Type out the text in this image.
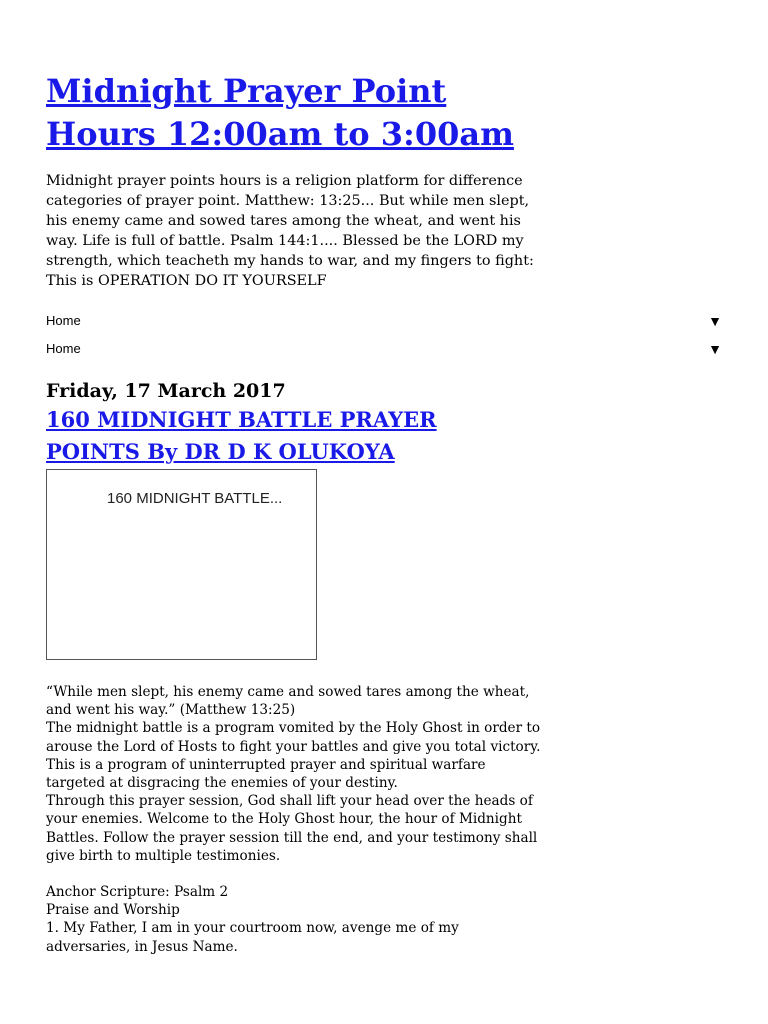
Midnight Prayer Point Hours 12:00am to 3:00am
Midnight prayer points hours is a religion platform for difference categories of prayer point. Matthew: 13:25... But while men slept, his enemy came and sowed tares among the wheat, and went his way. Life is full of battle. Psalm 144:1.... Blessed be the LORD my strength, which teacheth my hands to war, and my fingers to fight: This is OPERATION DO IT YOURSELF
Home	▼
Home	▼
Friday, 17 March 2017
160 MIDNIGHT BATTLE PRAYER POINTS By DR D K OLUKOYA
160 MIDNIGHT BATTLE...

“While men slept, his enemy came and sowed tares among the wheat, and went his way.” (Matthew 13:25)

The midnight battle is a program vomited by the Holy Ghost in order to arouse the Lord of Hosts to fight your battles and give you total victory. This is a program of uninterrupted prayer and spiritual warfare targeted at disgracing the enemies of your destiny.

Through this prayer session, God shall lift your head over the heads of your enemies. Welcome to the Holy Ghost hour, the hour of Midnight Battles. Follow the prayer session till the end, and your testimony shall give birth to multiple testimonies.

Anchor Scripture: Psalm 2

Praise and Worship

1. My Father, I am in your courtroom now, avenge me of my adversaries, in Jesus Name.
